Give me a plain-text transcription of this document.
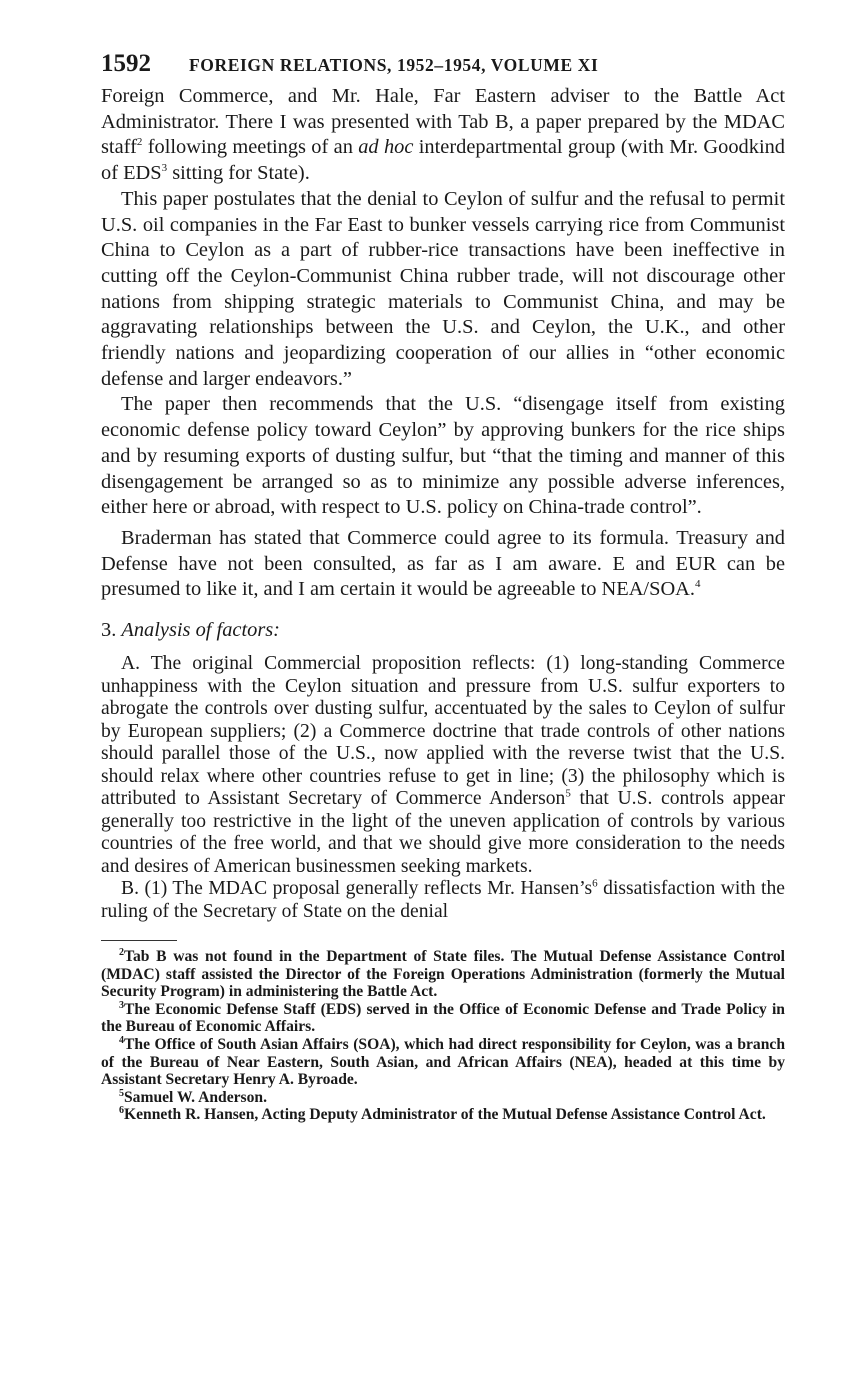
1592 FOREIGN RELATIONS, 1952–1954, VOLUME XI

Foreign Commerce, and Mr. Hale, Far Eastern adviser to the Battle Act Administrator. There I was presented with Tab B, a paper prepared by the MDAC staff$^2$ following meetings of an ad hoc interdepartmental group (with Mr. Goodkind of EDS$^3$ sitting for State).

This paper postulates that the denial to Ceylon of sulfur and the refusal to permit U.S. oil companies in the Far East to bunker vessels carrying rice from Communist China to Ceylon as a part of rubber-rice transactions have been ineffective in cutting off the Ceylon-Communist China rubber trade, will not discourage other nations from shipping strategic materials to Communist China, and may be aggravating relationships between the U.S. and Ceylon, the U.K., and other friendly nations and jeopardizing cooperation of our allies in “other economic defense and larger endeavors.”

The paper then recommends that the U.S. “disengage itself from existing economic defense policy toward Ceylon” by approving bunkers for the rice ships and by resuming exports of dusting sulfur, but “that the timing and manner of this disengagement be arranged so as to minimize any possible adverse inferences, either here or abroad, with respect to U.S. policy on China-trade control”.

Braderman has stated that Commerce could agree to its formula. Treasury and Defense have not been consulted, as far as I am aware. E and EUR can be presumed to like it, and I am certain it would be agreeable to NEA/SOA.$^4$

3. Analysis of factors:

A. The original Commercial proposition reflects: (1) long-standing Commerce unhappiness with the Ceylon situation and pressure from U.S. sulfur exporters to abrogate the controls over dusting sulfur, accentuated by the sales to Ceylon of sulfur by European suppliers; (2) a Commerce doctrine that trade controls of other nations should parallel those of the U.S., now applied with the reverse twist that the U.S. should relax where other countries refuse to get in line; (3) the philosophy which is attributed to Assistant Secretary of Commerce Anderson$^5$ that U.S. controls appear generally too restrictive in the light of the uneven application of controls by various countries of the free world, and that we should give more consideration to the needs and desires of American businessmen seeking markets.

B. (1) The MDAC proposal generally reflects Mr. $Hansen’s^6$ dissatisfaction with the ruling of the Secretary of State on the denial

$^2$Tab B was not found in the Department of State files. The Mutual Defense Assistance Control (MDAC) staff assisted the Director of the Foreign Operations Administration (formerly the Mutual Security Program) in administering the Battle Act.

$^3$The Economic Defense Staff (EDS) served in the Office of Economic Defense and Trade Policy in the Bureau of Economic Affairs.

$^4$The Office of South Asian Affairs (SOA), which had direct responsibility for Ceylon, was a branch of the Bureau of Near Eastern, South Asian, and African Affairs (NEA), headed at this time by Assistant Secretary Henry A. Byroade.

$^5$Samuel W. Anderson.

$^6$Kenneth R. Hansen, Acting Deputy Administrator of the Mutual Defense Assistance Control Act.
